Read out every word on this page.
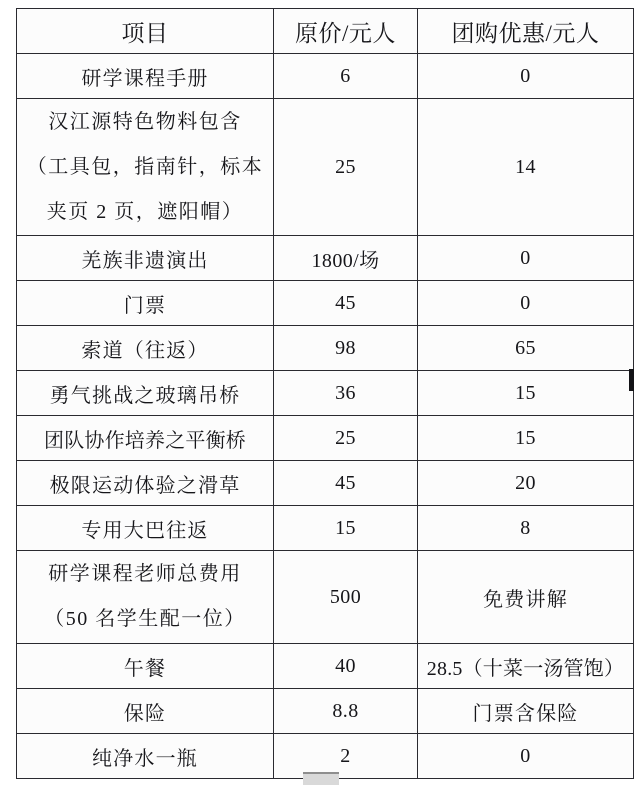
项目	原价/元人	团购优惠/元人
研学课程手册	6	0

汉江源特色物料包含
（工具包，指南针，标本
夹页 2 页，遮阳帽）	25	14
羌族非遗演出	1800/场	0
门票	45	0
索道（往返）	98	65
勇气挑战之玻璃吊桥	36	15
团队协作培养之平衡桥	25	15
极限运动体验之滑草	45	20
专用大巴往返	15	8

研学课程老师总费用
（50 名学生配一位）	500	免费讲解
午餐	40	28.5（十菜一汤管饱）
保险	8.8	门票含保险
纯净水一瓶	2	0
